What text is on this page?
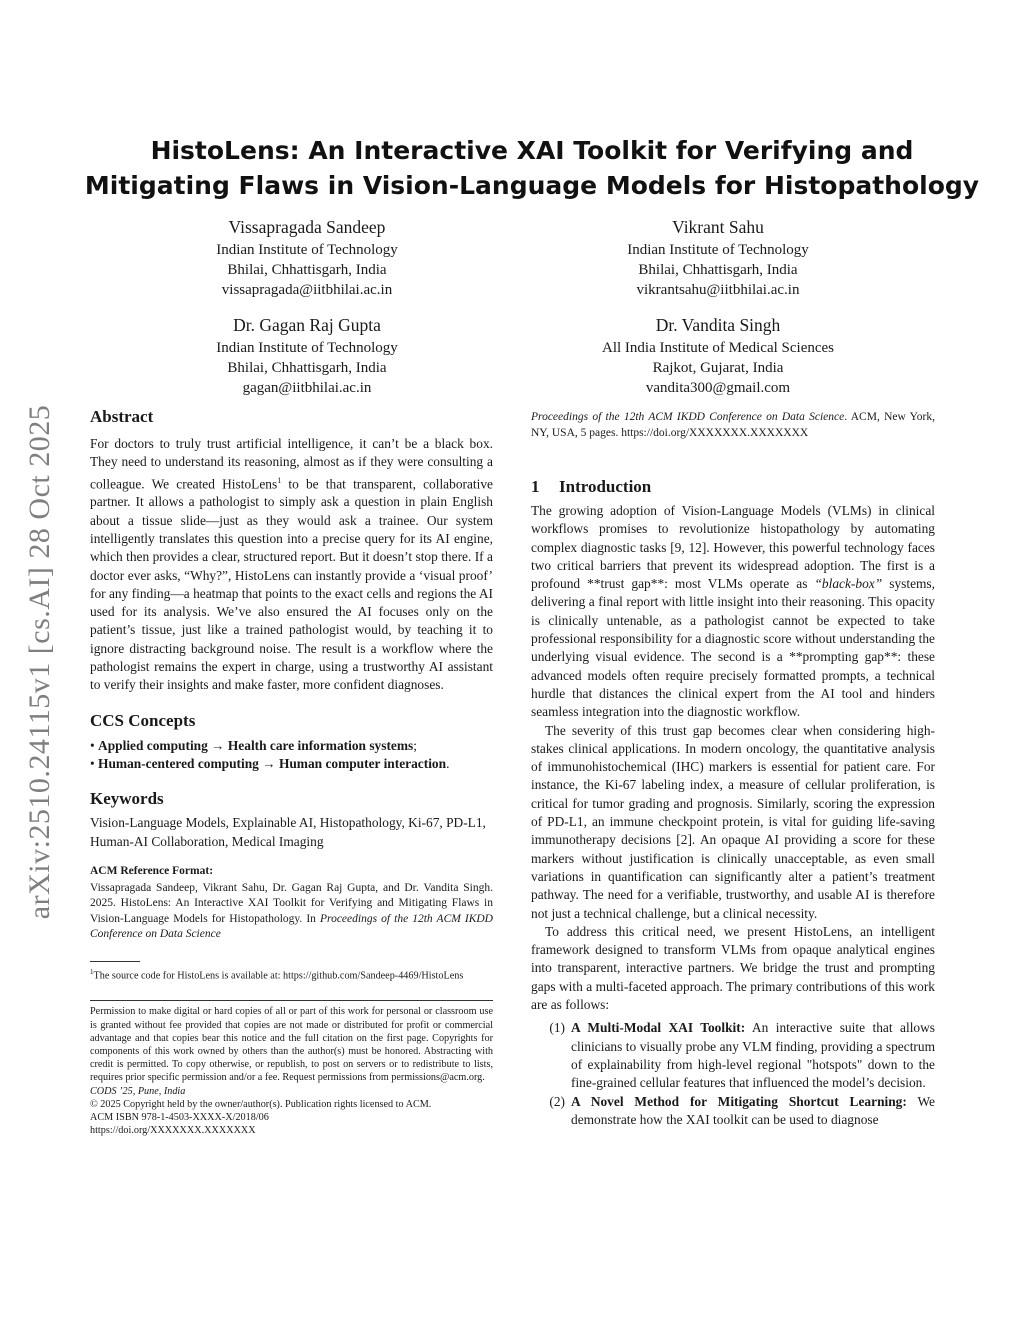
arXiv:2510.24115v1 [cs.AI] 28 Oct 2025
HistoLens: An Interactive XAI Toolkit for Verifying and
Mitigating Flaws in Vision-Language Models for Histopathology
Vissapragada Sandeep
Indian Institute of Technology
Bhilai, Chhattisgarh, India
vissapragada@iitbhilai.ac.in
Vikrant Sahu
Indian Institute of Technology
Bhilai, Chhattisgarh, India
vikrantsahu@iitbhilai.ac.in
Dr. Gagan Raj Gupta
Indian Institute of Technology
Bhilai, Chhattisgarh, India
gagan@iitbhilai.ac.in
Dr. Vandita Singh
All India Institute of Medical Sciences
Rajkot, Gujarat, India
vandita300@gmail.com
Abstract

For doctors to truly trust artificial intelligence, it can’t be a black box. They need to understand its reasoning, almost as if they were consulting a colleague. We created HistoLens$^1$ to be that transparent, collaborative partner. It allows a pathologist to simply ask a question in plain English about a tissue slide—just as they would ask a trainee. Our system intelligently translates this question into a precise query for its AI engine, which then provides a clear, structured report. But it doesn’t stop there. If a doctor ever asks, “Why?”, HistoLens can instantly provide a ‘visual proof’ for any finding—a heatmap that points to the exact cells and regions the AI used for its analysis. We’ve also ensured the AI focuses only on the patient’s tissue, just like a trained pathologist would, by teaching it to ignore distracting background noise. The result is a workflow where the pathologist remains the expert in charge, using a trustworthy AI assistant to verify their insights and make faster, more confident diagnoses.

CCS Concepts
• Applied computing → Health care information systems;
• Human-centered computing → Human computer interaction.
Keywords

Vision-Language Models, Explainable AI, Histopathology, Ki-67, PD-L1, Human-AI Collaboration, Medical Imaging

ACM Reference Format:

Vissapragada Sandeep, Vikrant Sahu, Dr. Gagan Raj Gupta, and Dr. Vandita Singh. 2025. HistoLens: An Interactive XAI Toolkit for Verifying and Mitigating Flaws in Vision-Language Models for Histopathology. In Proceedings of the 12th ACM IKDD Conference on Data Science

$^1$The source code for HistoLens is available at: https://github.com/Sandeep-4469/HistoLens

Permission to make digital or hard copies of all or part of this work for personal or classroom use is granted without fee provided that copies are not made or distributed for profit or commercial advantage and that copies bear this notice and the full citation on the first page. Copyrights for components of this work owned by others than the author(s) must be honored. Abstracting with credit is permitted. To copy otherwise, or republish, to post on servers or to redistribute to lists, requires prior specific permission and/or a fee. Request permissions from permissions@acm.org.

CODS ’25, Pune, India

© 2025 Copyright held by the owner/author(s). Publication rights licensed to ACM.

ACM ISBN 978-1-4503-XXXX-X/2018/06

https://doi.org/XXXXXXX.XXXXXXX

Proceedings of the 12th ACM IKDD Conference on Data Science. ACM, New York, NY, USA, 5 pages. https://doi.org/XXXXXXX.XXXXXXX

1 Introduction

The growing adoption of Vision-Language Models (VLMs) in clinical workflows promises to revolutionize histopathology by automating complex diagnostic tasks [9, 12]. However, this powerful technology faces two critical barriers that prevent its widespread adoption. The first is a profound **trust gap**: most VLMs operate as “black-box” systems, delivering a final report with little insight into their reasoning. This opacity is clinically untenable, as a pathologist cannot be expected to take professional responsibility for a diagnostic score without understanding the underlying visual evidence. The second is a **prompting gap**: these advanced models often require precisely formatted prompts, a technical hurdle that distances the clinical expert from the AI tool and hinders seamless integration into the diagnostic workflow.

The severity of this trust gap becomes clear when considering high-stakes clinical applications. In modern oncology, the quantitative analysis of immunohistochemical (IHC) markers is essential for patient care. For instance, the Ki-67 labeling index, a measure of cellular proliferation, is critical for tumor grading and prognosis. Similarly, scoring the expression of PD-L1, an immune checkpoint protein, is vital for guiding life-saving immunotherapy decisions [2]. An opaque AI providing a score for these markers without justification is clinically unacceptable, as even small variations in quantification can significantly alter a patient’s treatment pathway. The need for a verifiable, trustworthy, and usable AI is therefore not just a technical challenge, but a clinical necessity.

To address this critical need, we present HistoLens, an intelligent framework designed to transform VLMs from opaque analytical engines into transparent, interactive partners. We bridge the trust and prompting gaps with a multi-faceted approach. The primary contributions of this work are as follows:

(1) A Multi-Modal XAI Toolkit: An interactive suite that allows clinicians to visually probe any VLM finding, providing a spectrum of explainability from high-level regional "hotspots" down to the fine-grained cellular features that influenced the model’s decision.
(2) A Novel Method for Mitigating Shortcut Learning: We demonstrate how the XAI toolkit can be used to diagnose
